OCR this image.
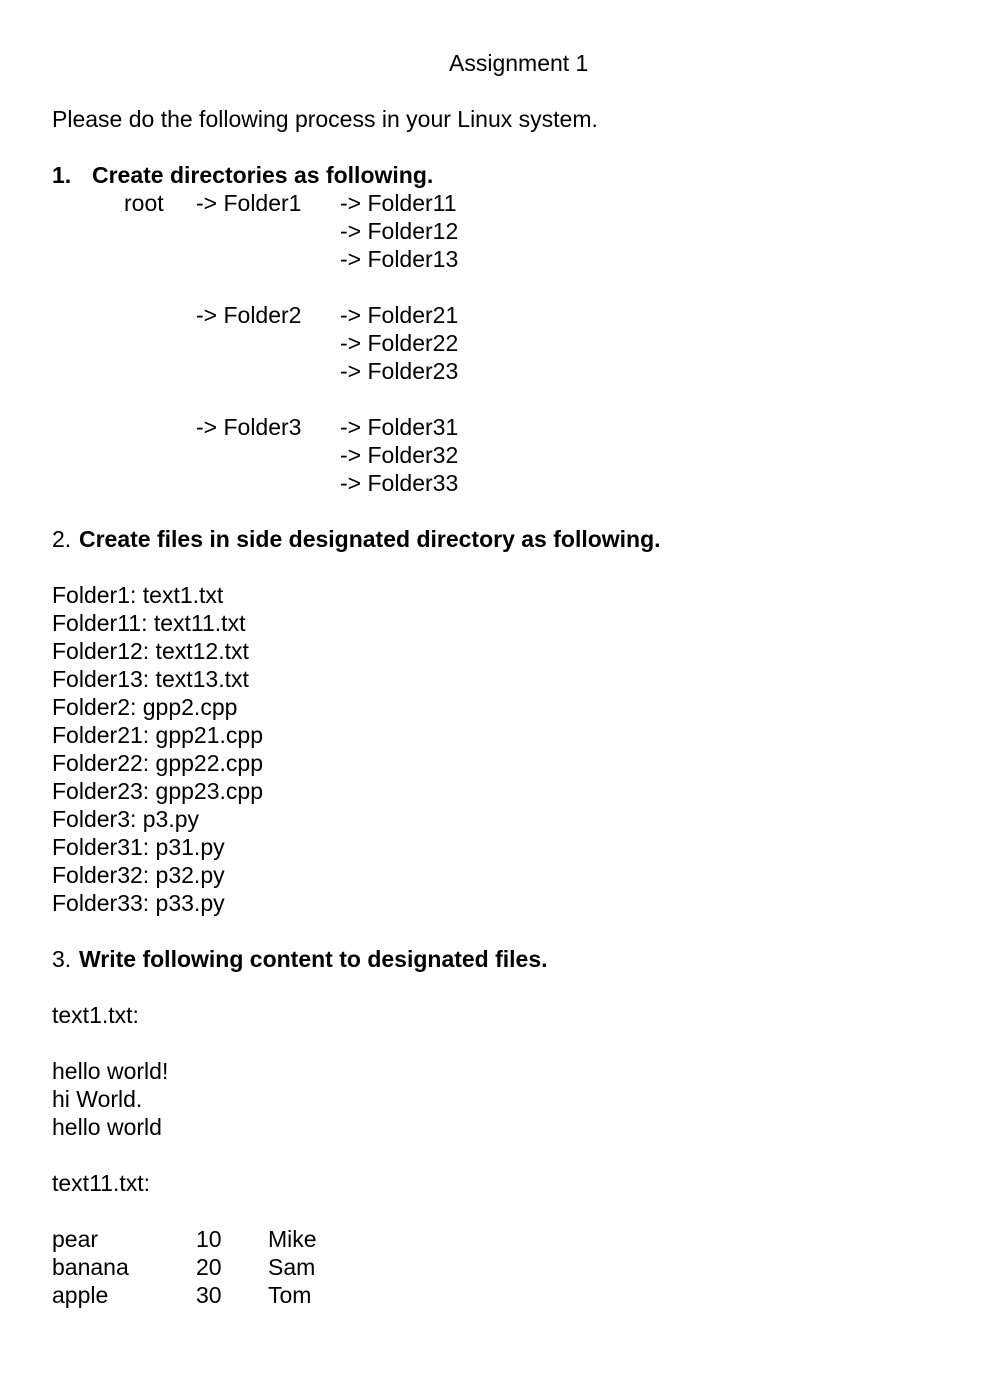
Assignment 1
Please do the following process in your Linux system.
1. Create directories as following.
root -> Folder1 -> Folder11
-> Folder12
-> Folder13
-> Folder2 -> Folder21
-> Folder22
-> Folder23
-> Folder3 -> Folder31
-> Folder32
-> Folder33
2. Create files in side designated directory as following.
Folder1: text1.txt
Folder11: text11.txt
Folder12: text12.txt
Folder13: text13.txt
Folder2: gpp2.cpp
Folder21: gpp21.cpp
Folder22: gpp22.cpp
Folder23: gpp23.cpp
Folder3: p3.py
Folder31: p31.py
Folder32: p32.py
Folder33: p33.py
3. Write following content to designated files.
text1.txt:
hello world!
hi World.
hello world
text11.txt:
pear	10 Mike
banana	20 Sam
apple	30 Tom
